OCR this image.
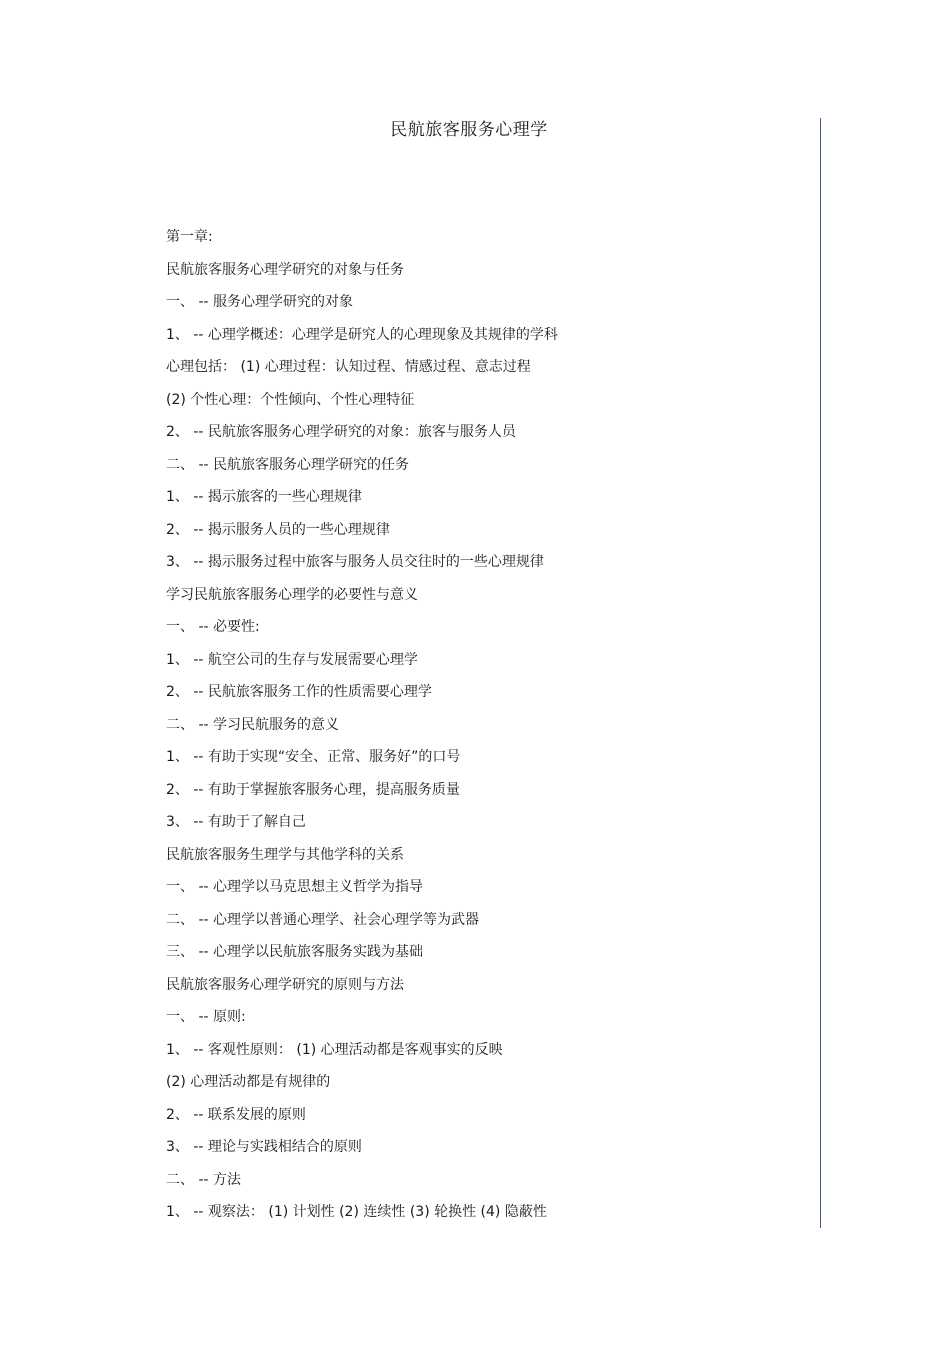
民航旅客服务心理学
第一章:
民航旅客服务心理学研究的对象与任务
一、 -- 服务心理学研究的对象
1、 -- 心理学概述：心理学是研究人的心理现象及其规律的学科
心理包括： (1) 心理过程：认知过程、情感过程、意志过程
(2) 个性心理：个性倾向、个性心理特征
2、 -- 民航旅客服务心理学研究的对象：旅客与服务人员
二、 -- 民航旅客服务心理学研究的任务
1、 -- 揭示旅客的一些心理规律
2、 -- 揭示服务人员的一些心理规律
3、 -- 揭示服务过程中旅客与服务人员交往时的一些心理规律
学习民航旅客服务心理学的必要性与意义
一、 -- 必要性:
1、 -- 航空公司的生存与发展需要心理学
2、 -- 民航旅客服务工作的性质需要心理学
二、 -- 学习民航服务的意义
1、 -- 有助于实现“安全、正常、服务好”的口号
2、 -- 有助于掌握旅客服务心理，提高服务质量
3、 -- 有助于了解自己
民航旅客服务生理学与其他学科的关系
一、 -- 心理学以马克思想主义哲学为指导
二、 -- 心理学以普通心理学、社会心理学等为武器
三、 -- 心理学以民航旅客服务实践为基础
民航旅客服务心理学研究的原则与方法
一、 -- 原则:
1、 -- 客观性原则： (1) 心理活动都是客观事实的反映
(2) 心理活动都是有规律的
2、 -- 联系发展的原则
3、 -- 理论与实践相结合的原则
二、 -- 方法
1、 -- 观察法： (1) 计划性 (2) 连续性 (3) 轮换性 (4) 隐蔽性
